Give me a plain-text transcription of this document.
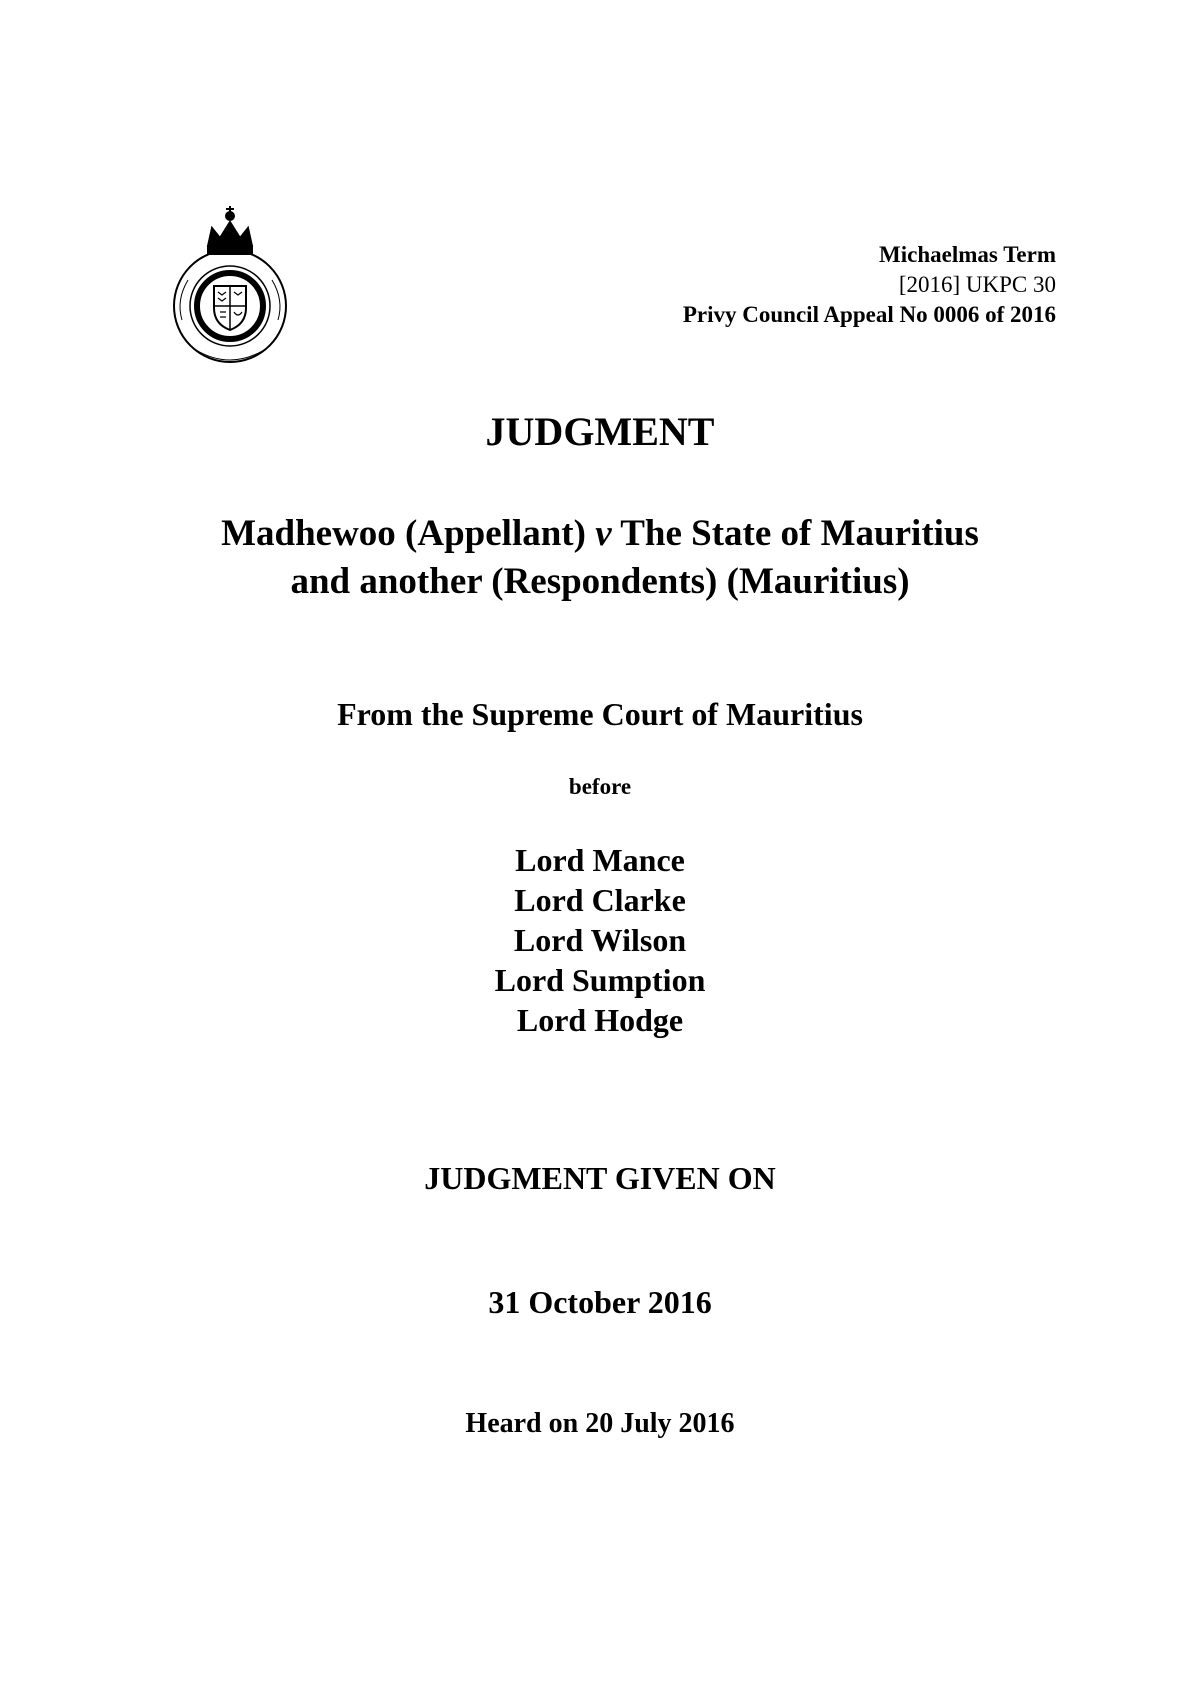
Michaelmas Term
[2016] UKPC 30
Privy Council Appeal No 0006 of 2016
JUDGMENT
Madhewoo (Appellant) v The State of Mauritius
and another (Respondents) (Mauritius)
From the Supreme Court of Mauritius
before
Lord Mance
Lord Clarke
Lord Wilson
Lord Sumption
Lord Hodge
JUDGMENT GIVEN ON
31 October 2016
Heard on 20 July 2016
